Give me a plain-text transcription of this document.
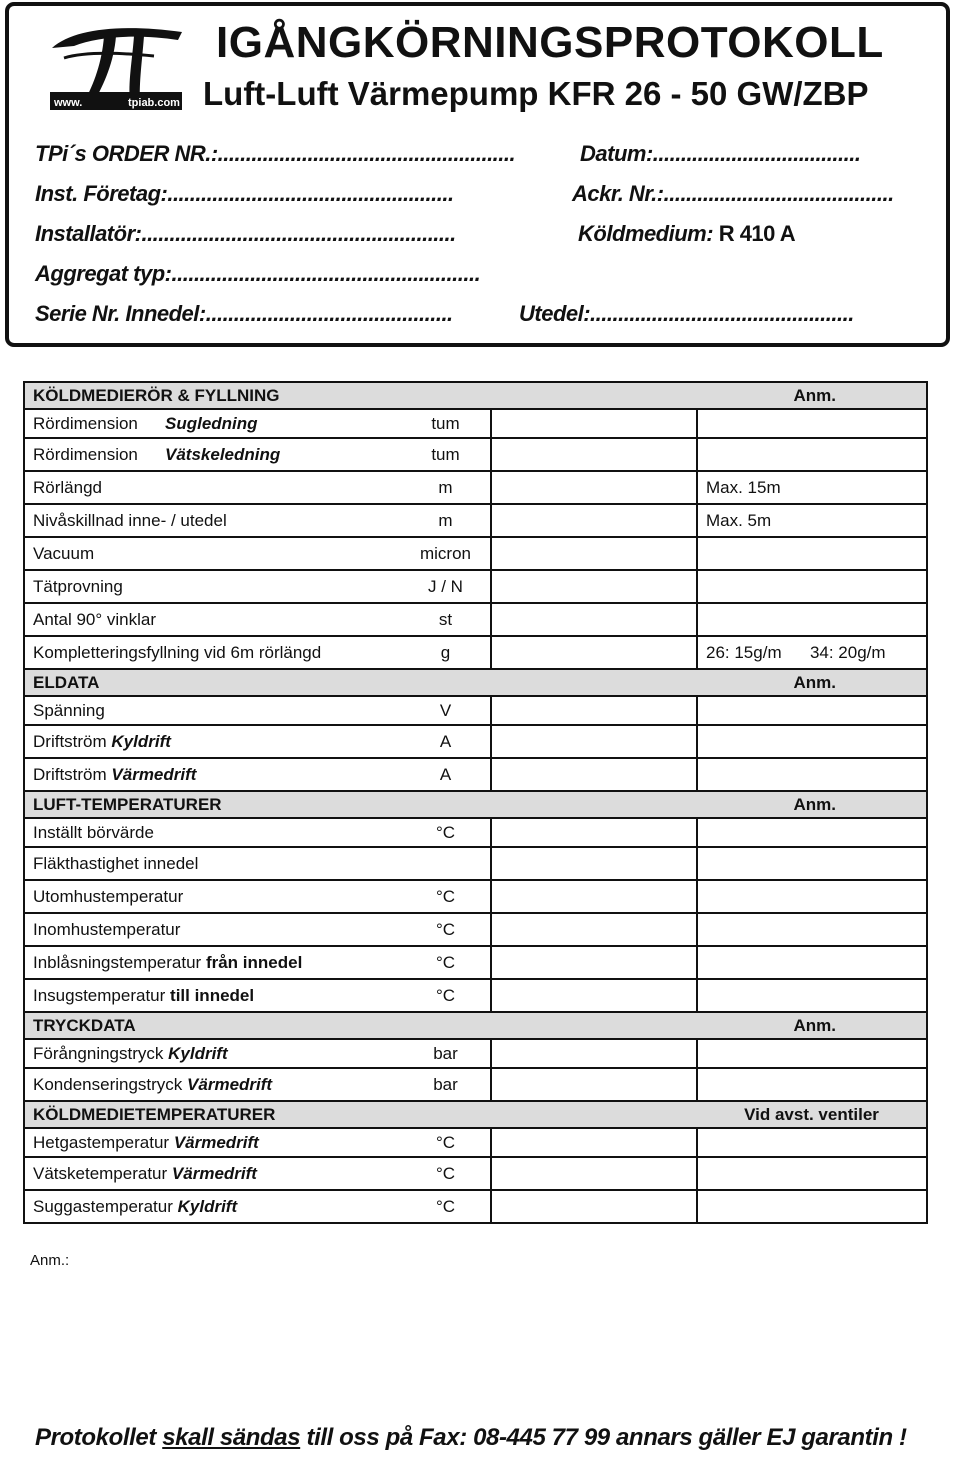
www.	tpiab.com
IGÅNGKÖRNINGSPROTOKOLL
Luft-Luft Värmepump KFR 26 - 50 GW/ZBP
TPi´s ORDER NR.:.....................................................	Datum:.....................................
Inst. Företag:...................................................	Ackr. Nr.:.........................................
Installatör:........................................................	Köldmedium: R 410 A
Aggregat typ:.......................................................
Serie Nr. Innedel:............................................	Utedel:...............................................
KÖLDMEDIERÖR & FYLLNING			Anm.
Rördimension Sugledning	tum		
Rördimension Vätskeledning	tum		
Rörlängd	m		Max. 15m
Nivåskillnad inne- / utedel	m		Max. 5m
Vacuum	micron		
Tätprovning	J / N		
Antal 90° vinklar	st		
Kompletteringsfyllning vid 6m rörlängd	g		26: 15g/m      34: 20g/m
ELDATA			Anm.
Spänning	V		
Driftström Kyldrift	A		
Driftström Värmedrift	A		
LUFT-TEMPERATURER			Anm.
Inställt börvärde	°C		
Fläkthastighet innedel			
Utomhustemperatur	°C		
Inomhustemperatur	°C		
Inblåsningstemperatur från innedel	°C		
Insugstemperatur till innedel	°C		
TRYCKDATA			Anm.
Förångningstryck Kyldrift	bar		
Kondenseringstryck Värmedrift	bar		
KÖLDMEDIETEMPERATURER			Vid avst. ventiler
Hetgastemperatur Värmedrift	°C		
Vätsketemperatur Värmedrift	°C		
Suggastemperatur Kyldrift	°C		
Anm.:
Protokollet skall sändas till oss på Fax: 08-445 77 99 annars gäller EJ garantin !
